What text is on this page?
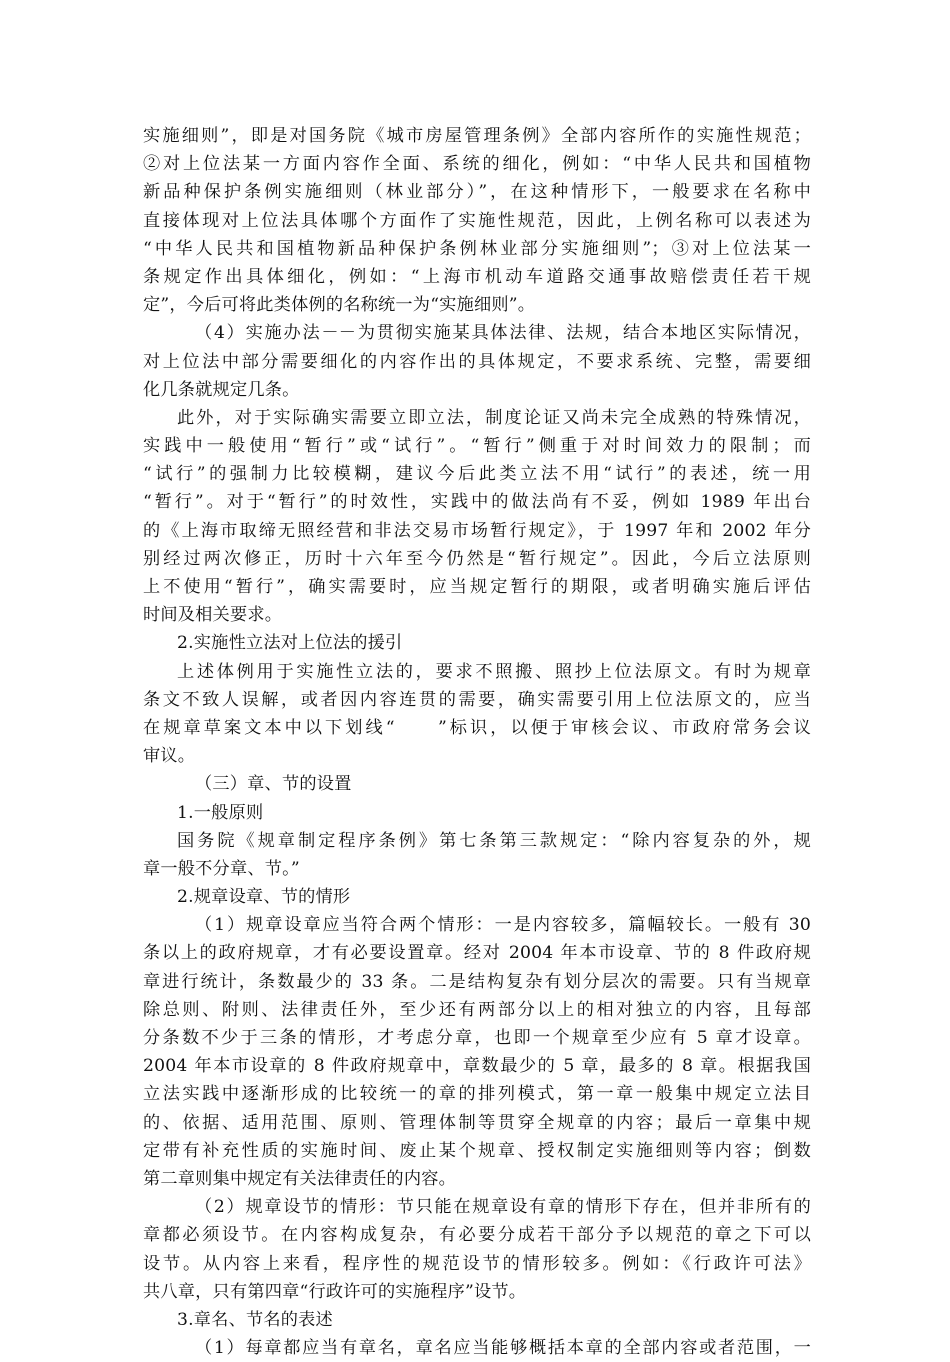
实施细则”，即是对国务院《城市房屋管理条例》全部内容所作的实施性规范；
②对上位法某一方面内容作全面、系统的细化，例如：“中华人民共和国植物
新品种保护条例实施细则（林业部分）”，在这种情形下，一般要求在名称中
直接体现对上位法具体哪个方面作了实施性规范，因此，上例名称可以表述为
“中华人民共和国植物新品种保护条例林业部分实施细则”；③对上位法某一
条规定作出具体细化，例如：“上海市机动车道路交通事故赔偿责任若干规
定”，今后可将此类体例的名称统一为“实施细则”。
（4）实施办法－－为贯彻实施某具体法律、法规，结合本地区实际情况，
对上位法中部分需要细化的内容作出的具体规定，不要求系统、完整，需要细
化几条就规定几条。
此外，对于实际确实需要立即立法，制度论证又尚未完全成熟的特殊情况，
实践中一般使用“暂行”或“试行”。“暂行”侧重于对时间效力的限制；而
“试行”的强制力比较模糊，建议今后此类立法不用“试行”的表述，统一用
“暂行”。对于“暂行”的时效性，实践中的做法尚有不妥，例如 1989 年出台
的《上海市取缔无照经营和非法交易市场暂行规定》，于 1997 年和 2002 年分
别经过两次修正，历时十六年至今仍然是“暂行规定”。因此，今后立法原则
上不使用“暂行”，确实需要时，应当规定暂行的期限，或者明确实施后评估
时间及相关要求。
2.实施性立法对上位法的援引
上述体例用于实施性立法的，要求不照搬、照抄上位法原文。有时为规章
条文不致人误解，或者因内容连贯的需要，确实需要引用上位法原文的，应当
在规章草案文本中以下划线“　　”标识，以便于审核会议、市政府常务会议
审议。
（三）章、节的设置
1.一般原则
国务院《规章制定程序条例》第七条第三款规定：“除内容复杂的外，规
章一般不分章、节。”
2.规章设章、节的情形
（1）规章设章应当符合两个情形：一是内容较多，篇幅较长。一般有 30
条以上的政府规章，才有必要设置章。经对 2004 年本市设章、节的 8 件政府规
章进行统计，条数最少的 33 条。二是结构复杂有划分层次的需要。只有当规章
除总则、附则、法律责任外，至少还有两部分以上的相对独立的内容，且每部
分条数不少于三条的情形，才考虑分章，也即一个规章至少应有 5 章才设章。
2004 年本市设章的 8 件政府规章中，章数最少的 5 章，最多的 8 章。根据我国
立法实践中逐渐形成的比较统一的章的排列模式，第一章一般集中规定立法目
的、依据、适用范围、原则、管理体制等贯穿全规章的内容；最后一章集中规
定带有补充性质的实施时间、废止某个规章、授权制定实施细则等内容；倒数
第二章则集中规定有关法律责任的内容。
（2）规章设节的情形：节只能在规章设有章的情形下存在，但并非所有的
章都必须设节。在内容构成复杂，有必要分成若干部分予以规范的章之下可以
设节。从内容上来看，程序性的规范设节的情形较多。例如：《行政许可法》
共八章，只有第四章“行政许可的实施程序”设节。
3.章名、节名的表述
（1）每章都应当有章名，章名应当能够概括本章的全部内容或者范围，一
